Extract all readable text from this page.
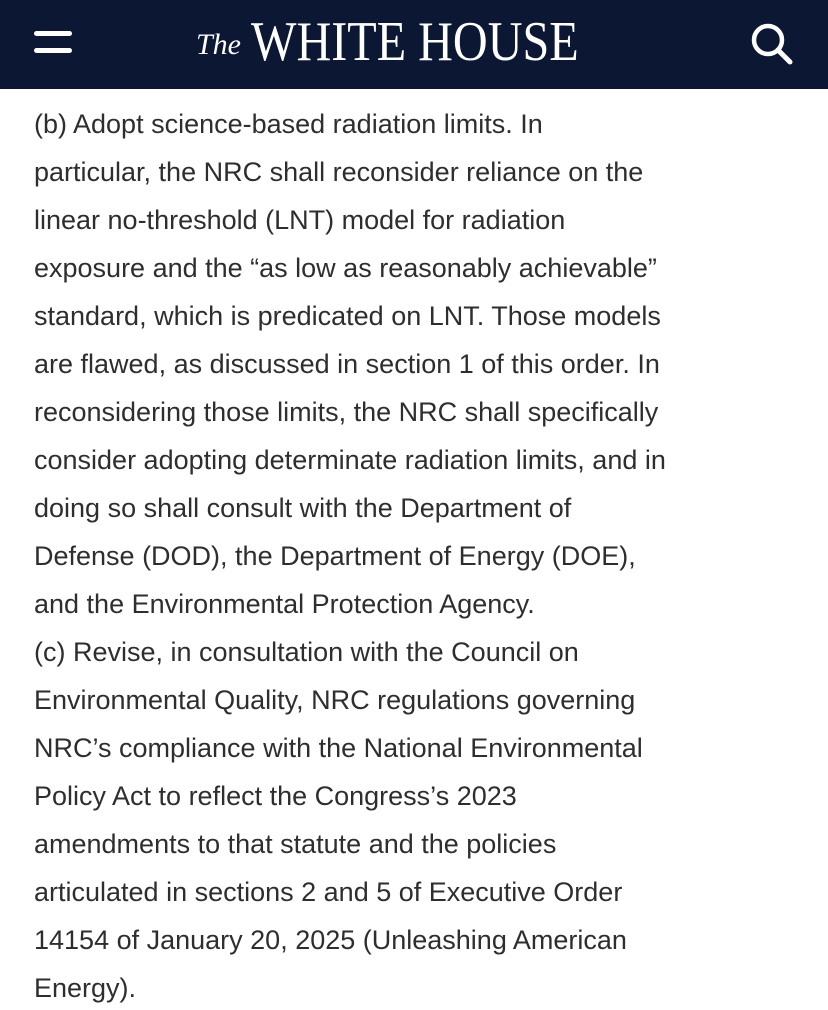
The WHITE HOUSE

(b) Adopt science-based radiation limits. In
particular, the NRC shall reconsider reliance on the
linear no-threshold (LNT) model for radiation
exposure and the “as low as reasonably achievable”
standard, which is predicated on LNT. Those models
are flawed, as discussed in section 1 of this order. In
reconsidering those limits, the NRC shall specifically
consider adopting determinate radiation limits, and in
doing so shall consult with the Department of
Defense (DOD), the Department of Energy (DOE),
and the Environmental Protection Agency.

(c) Revise, in consultation with the Council on
Environmental Quality, NRC regulations governing
NRC’s compliance with the National Environmental
Policy Act to reflect the Congress’s 2023
amendments to that statute and the policies
articulated in sections 2 and 5 of Executive Order
14154 of January 20, 2025 (Unleashing American
Energy).
